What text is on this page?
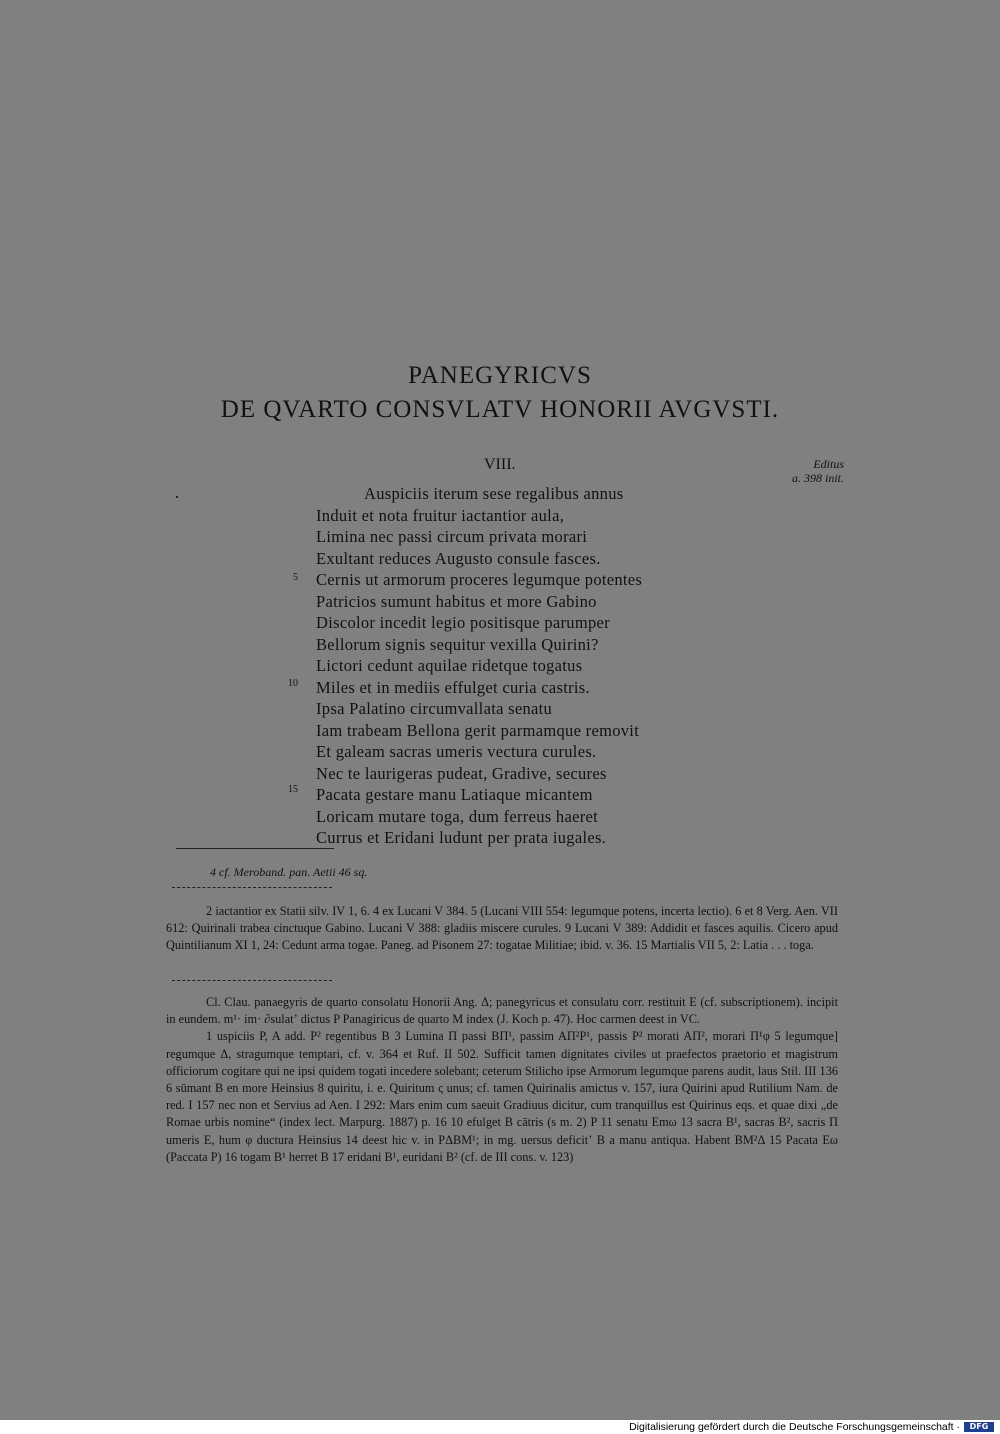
PANEGYRICVS
DE QVARTO CONSVLATV HONORII AVGVSTI.
VIII.	Editus
a. 398 init.
Auspiciis iterum sese regalibus annus
Induit et nota fruitur iactantior aula,
Limina nec passi circum privata morari
Exultant reduces Augusto consule fasces.
Cernis ut armorum proceres legumque potentes
Patricios sumunt habitus et more Gabino
Discolor incedit legio positisque parumper
Bellorum signis sequitur vexilla Quirini?
Lictori cedunt aquilae ridetque togatus
Miles et in mediis effulget curia castris.
Ipsa Palatino circumvallata senatu
Iam trabeam Bellona gerit parmamque removit
Et galeam sacras umeris vectura curules.
Nec te laurigeras pudeat, Gradive, secures
Pacata gestare manu Latiaque micantem
Loricam mutare toga, dum ferreus haeret
Currus et Eridani ludunt per prata iugales.
5
10
15
4 cf. Meroband. pan. Aetii 46 sq.

2 iactantior ex Statii silv. IV 1, 6. 4 ex Lucani V 384. 5 (Lucani VIII 554: legumque potens, incerta lectio). 6 et 8 Verg. Aen. VII 612: Quirinali trabea cinctuque Gabino. Lucani V 388: gladiis miscere curules. 9 Lucani V 389: Addidit et fasces aquilis. Cicero apud Quintilianum XI 1, 24: Cedunt arma togae. Paneg. ad Pisonem 27: togatae Militiae; ibid. v. 36. 15 Martialis VII 5, 2: Latia . . . toga.

Cl. Clau. panaegyris de quarto consolatu Honorii Ang. Δ; panegyricus et consulatu corr. restituit E (cf. subscriptionem). incipit in eundem. m¹· im· ∂sulatʼ dictus P Panagiricus de quarto M index (J. Koch p. 47). Hoc carmen deest in VC.

1 uspiciis P, A add. P² regentibus B 3 Lumina Π passi BΠ¹, passim AΠ²P¹, passis P² morati AΠ², morari Π¹φ 5 legumque] regumque Δ, stragumque temptari, cf. v. 364 et Ruf. II 502. Sufficit tamen dignitates civiles ut praefectos praetorio et magistrum officiorum cogitare qui ne ipsi quidem togati incedere solebant; ceterum Stilicho ipse Armorum legumque parens audit, laus Stil. III 136 6 sūmant B en more Heinsius 8 quiritu, i. e. Quiritum ς unus; cf. tamen Quirinalis amictus v. 157, iura Quirini apud Rutilium Nam. de red. I 157 nec non et Servius ad Aen. I 292: Mars enim cum saeuit Gradiuus dicitur, cum tranquillus est Quirinus eqs. et quae dixi „de Romae urbis nomine“ (index lect. Marpurg. 1887) p. 16 10 efulget B cātris (s m. 2) P 11 senatu Emω 13 sacra B¹, sacras B², sacris Π umeris E, hum φ ductura Heinsius 14 deest hic v. in PΔBM¹; in mg. uersus deficitʼ B a manu antiqua. Habent BM²Δ 15 Pacata Eω (Paccata P) 16 togam B¹ herret B 17 eridani B¹, euridani B² (cf. de III cons. v. 123)

Digitalisierung gefördert durch die Deutsche Forschungsgemeinschaft ·	DFG
